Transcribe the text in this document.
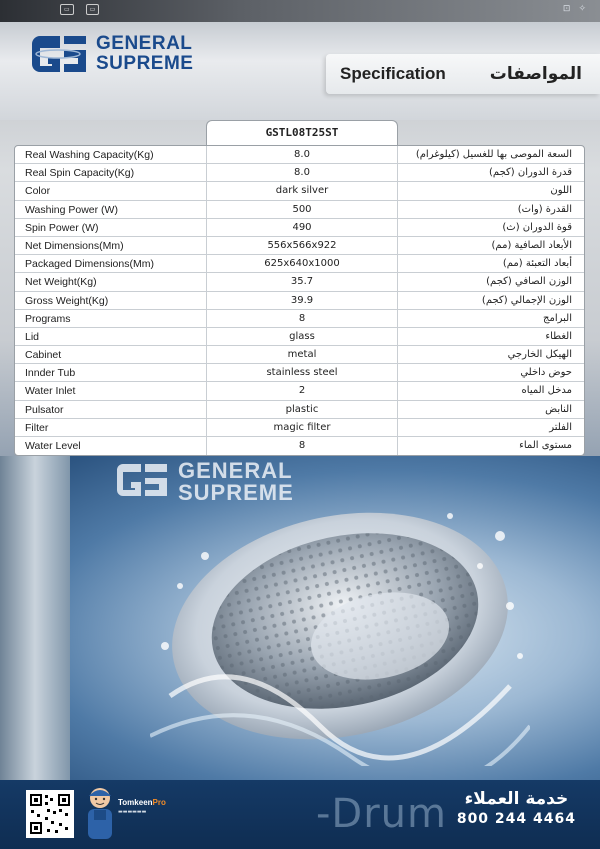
▭	▭	⊡ ✧
GENERAL
SUPREME	Specification	المواصفات
GSTL08T25ST
Real Washing Capacity(Kg)	8.0	السعة الموصى بها للغسيل (كيلوغرام)
Real Spin Capacity(Kg)	8.0	قدرة الدوران (كجم)
Color	dark silver	اللون
Washing Power (W)	500	القدرة (وات)
Spin Power (W)	490	قوة الدوران (ث)
Net Dimensions(Mm)	556x566x922	الأبعاد الصافية (مم)
Packaged Dimensions(Mm)	625x640x1000	أبعاد التعبئة (مم)
Net Weight(Kg)	35.7	الوزن الصافي (كجم)
Gross Weight(Kg)	39.9	الوزن الإجمالي (كجم)
Programs	8	البرامج
Lid	glass	الغطاء
Cabinet	metal	الهيكل الخارجي
Innder Tub	stainless steel	حوض داخلي
Water Inlet	2	مدخل المياه
Pulsator	plastic	النابض
Filter	magic filter	الفلتر
Water Level	8	مستوى الماء
GENERAL
SUPREME
TomkeenPro
▬▬▬▬▬▬	-Drum	خدمة العملاء
800 244 4464
